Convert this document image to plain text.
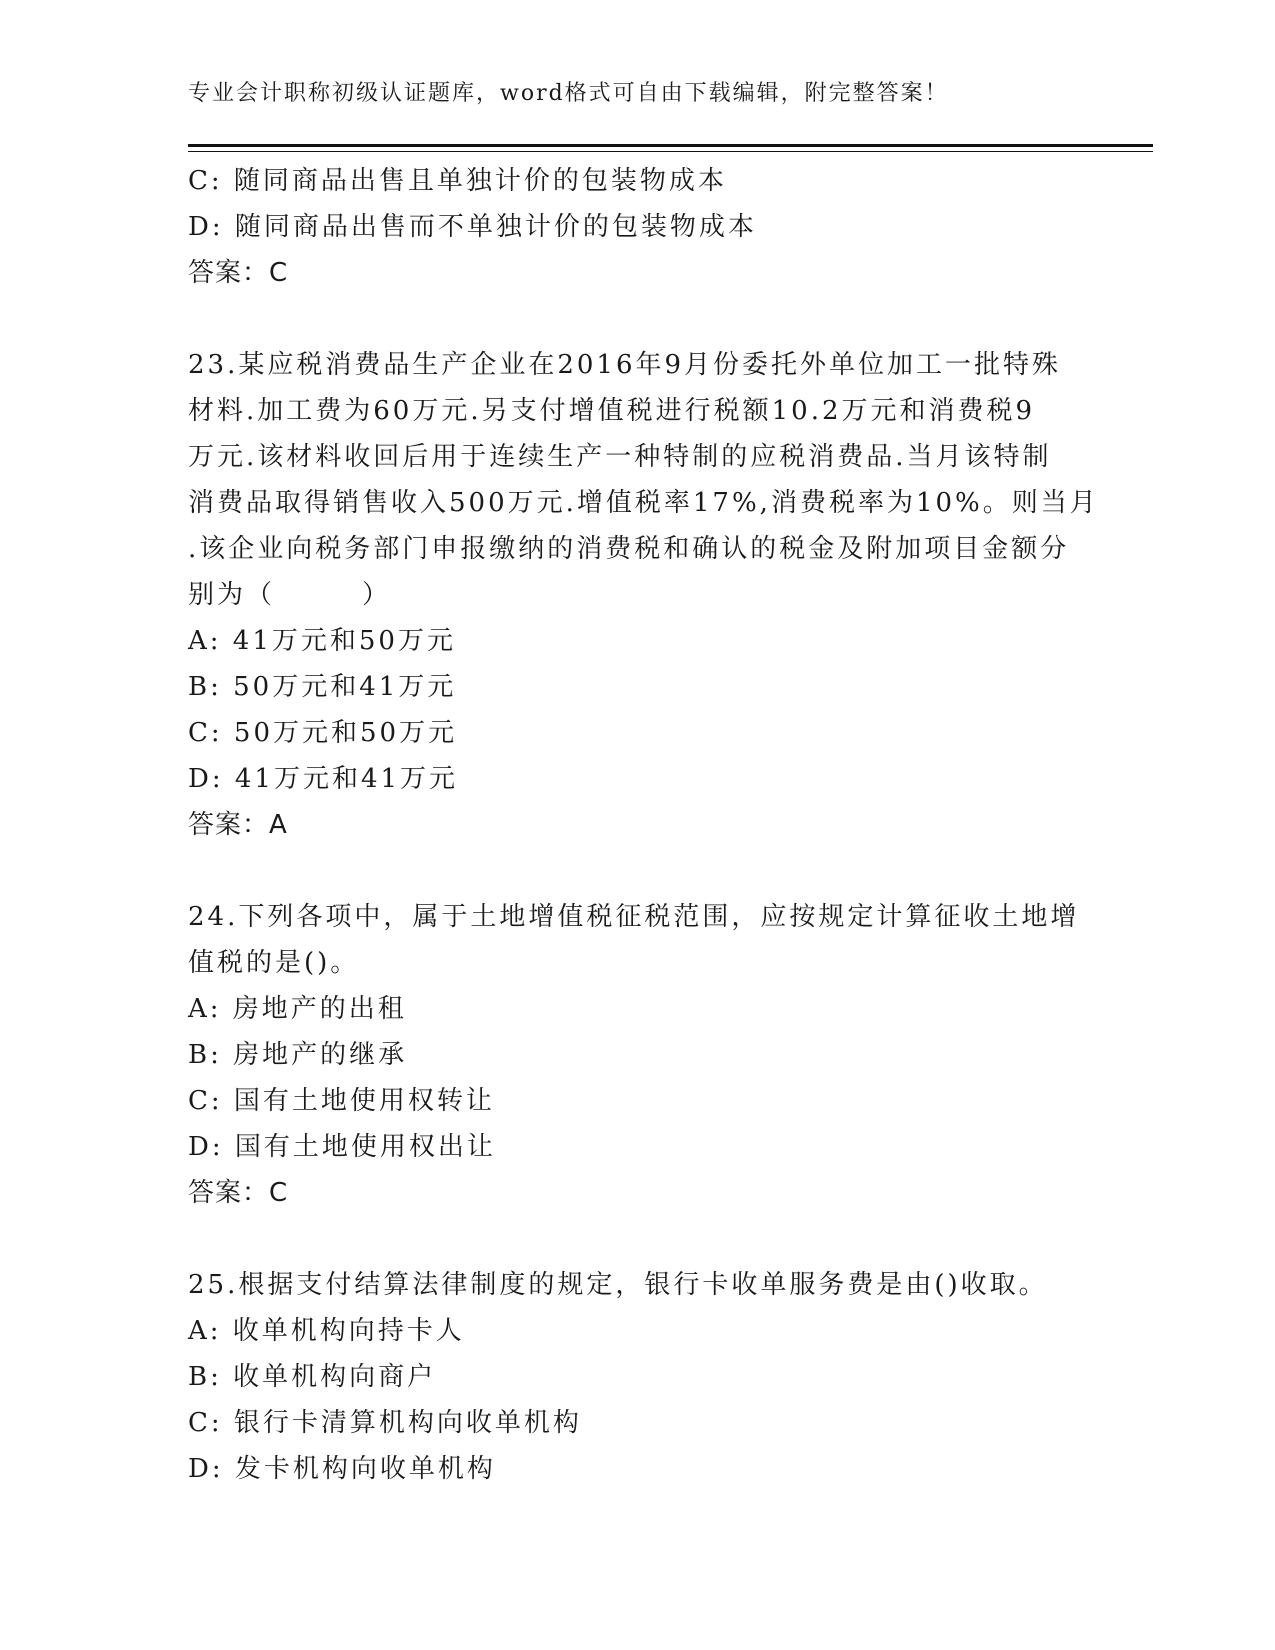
专业会计职称初级认证题库，word格式可自由下载编辑，附完整答案！
C: 随同商品出售且单独计价的包装物成本
D: 随同商品出售而不单独计价的包装物成本
答案：C
23.某应税消费品生产企业在2016年9月份委托外单位加工一批特殊
材料.加工费为60万元.另支付增值税进行税额10.2万元和消费税9
万元.该材料收回后用于连续生产一种特制的应税消费品.当月该特制
消费品取得销售收入500万元.增值税率17%,消费税率为10%。则当月
.该企业向税务部门申报缴纳的消费税和确认的税金及附加项目金额分
别为（　　　）
A: 41万元和50万元
B: 50万元和41万元
C: 50万元和50万元
D: 41万元和41万元
答案：A
24.下列各项中，属于土地增值税征税范围，应按规定计算征收土地增
值税的是()。
A: 房地产的出租
B: 房地产的继承
C: 国有土地使用权转让
D: 国有土地使用权出让
答案：C
25.根据支付结算法律制度的规定，银行卡收单服务费是由()收取。
A: 收单机构向持卡人
B: 收单机构向商户
C: 银行卡清算机构向收单机构
D: 发卡机构向收单机构
